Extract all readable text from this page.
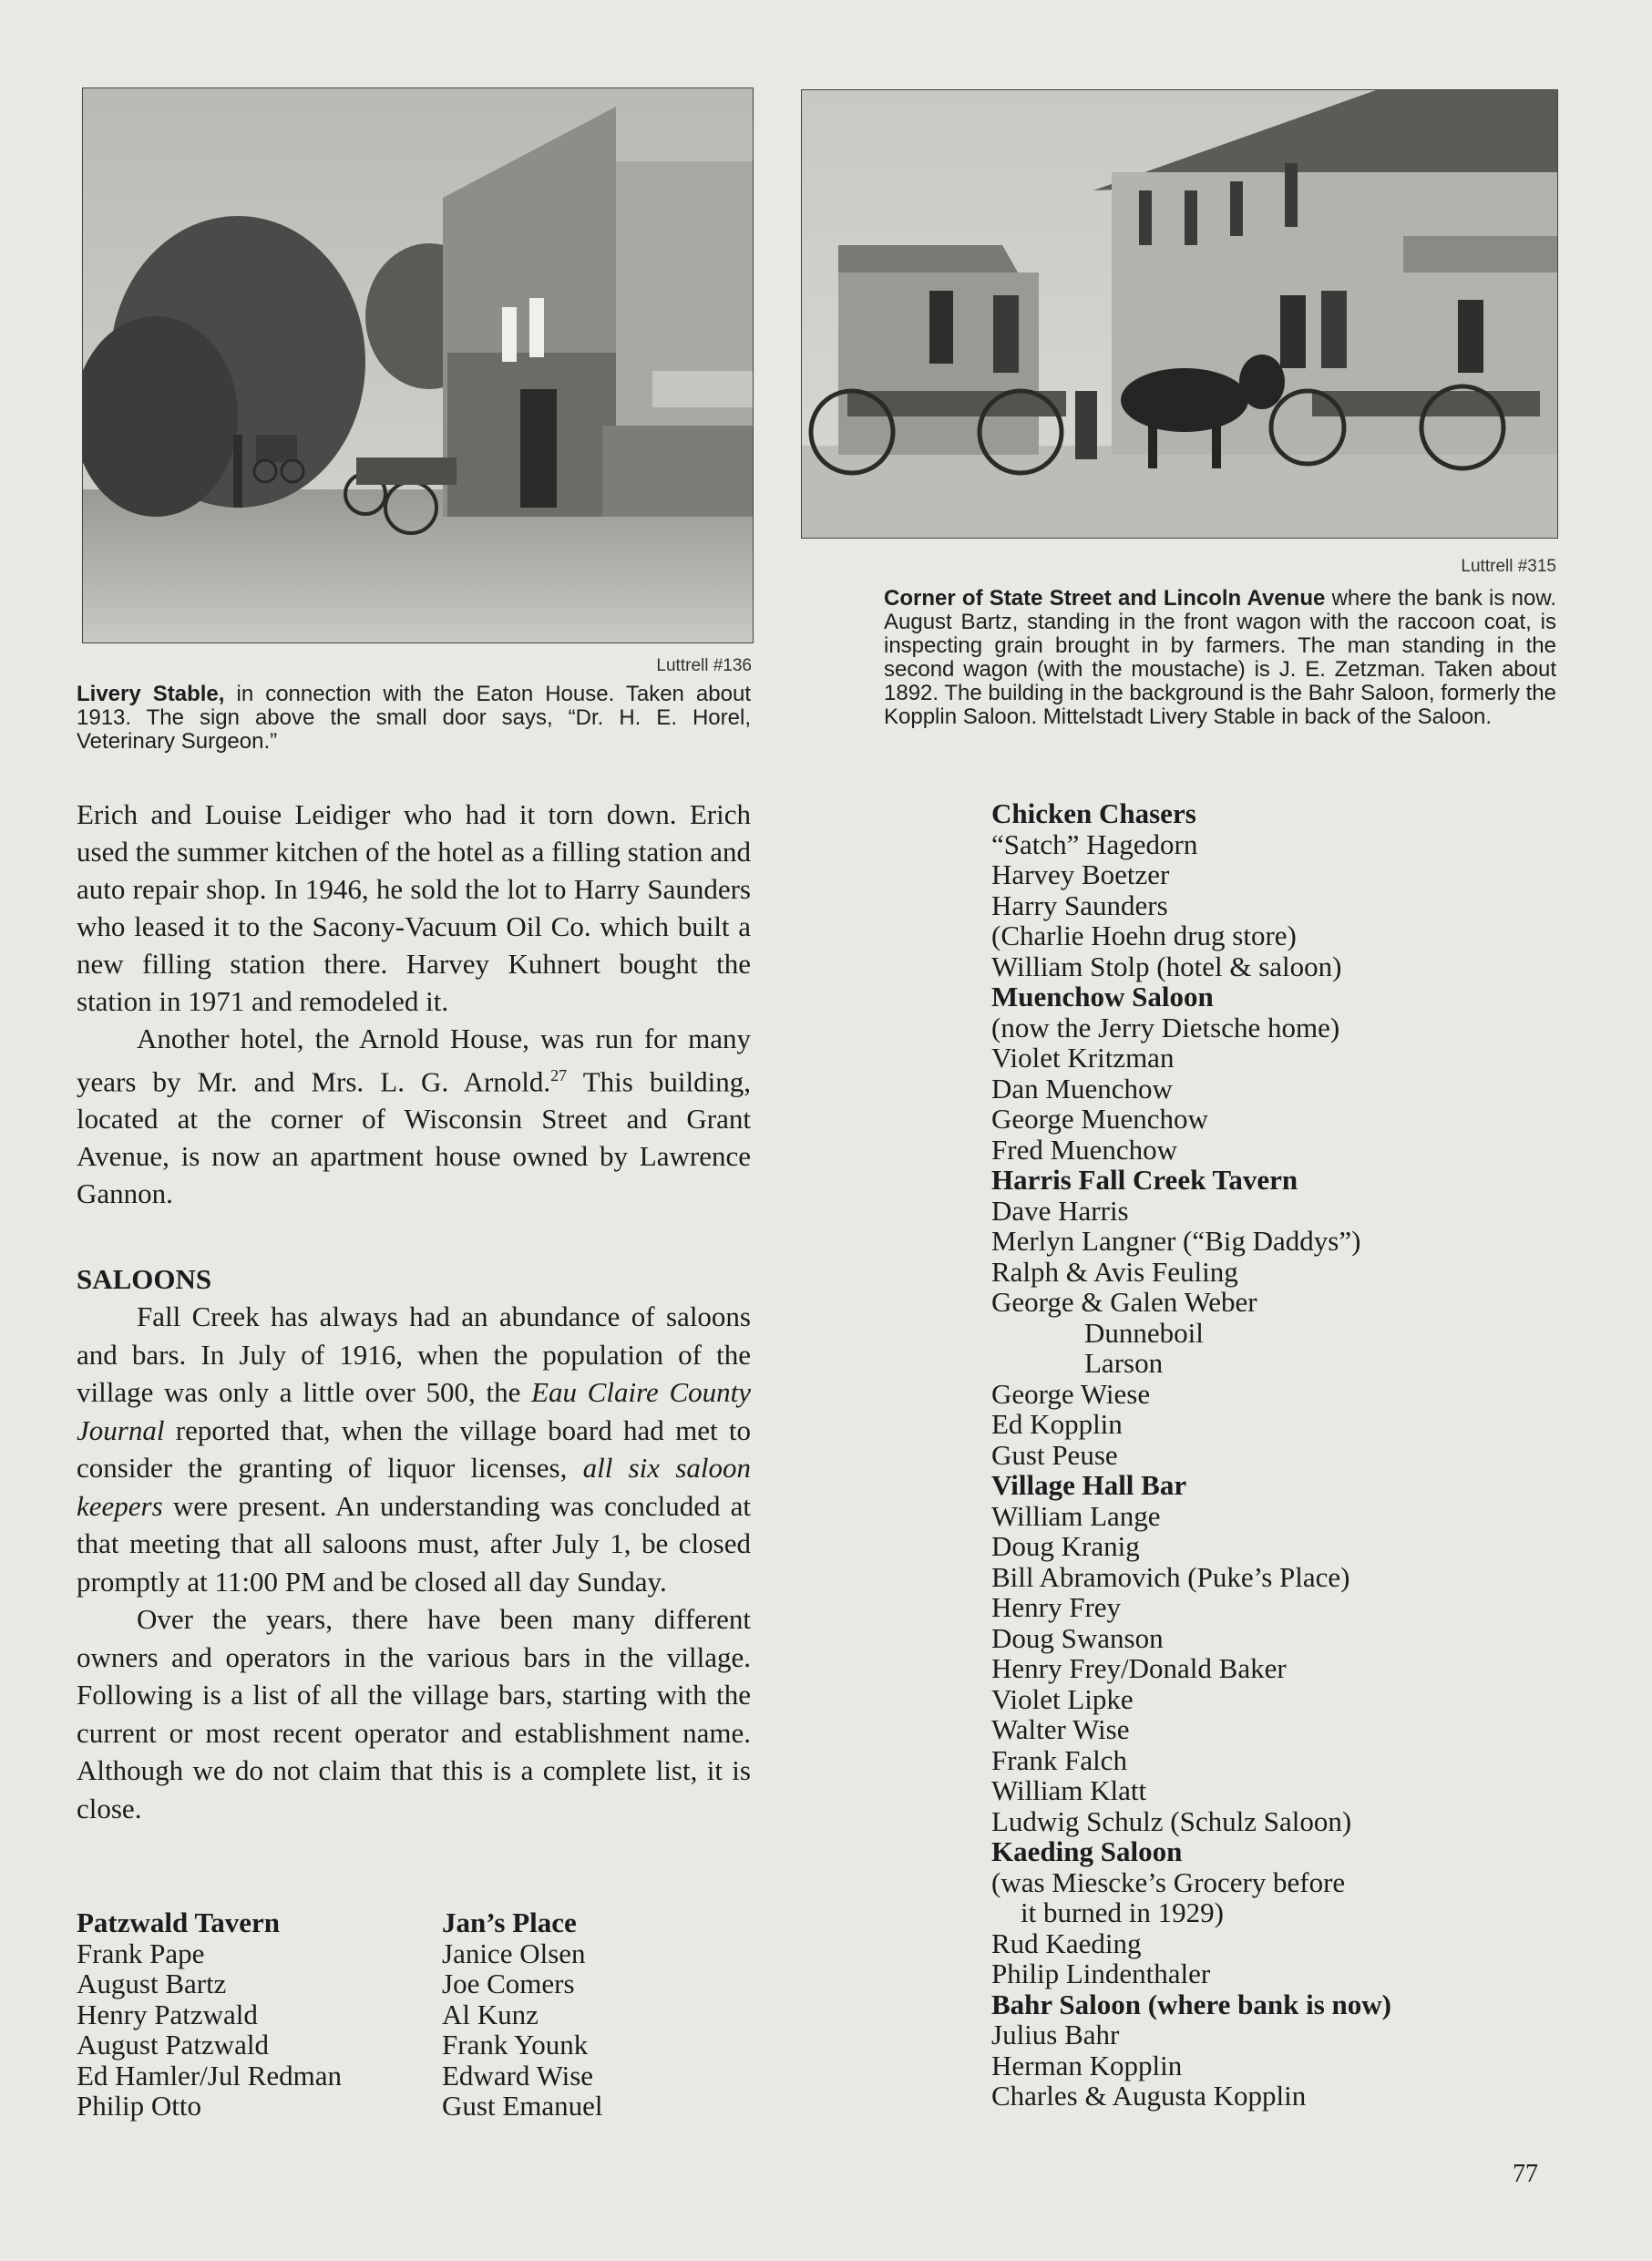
Luttrell #136
Livery Stable, in connection with the Eaton House. Taken about 1913. The sign above the small door says, “Dr. H. E. Horel, Veterinary Surgeon.”
Luttrell #315
Corner of State Street and Lincoln Avenue where the bank is now. August Bartz, standing in the front wagon with the raccoon coat, is inspecting grain brought in by farmers. The man standing in the second wagon (with the moustache) is J. E. Zetzman. Taken about 1892. The building in the background is the Bahr Saloon, formerly the Kopplin Saloon. Mittelstadt Livery Stable in back of the Saloon.

Erich and Louise Leidiger who had it torn down. Erich used the summer kitchen of the hotel as a filling station and auto repair shop. In 1946, he sold the lot to Harry Saunders who leased it to the Sacony-Vacuum Oil Co. which built a new filling station there. Harvey Kuhnert bought the station in 1971 and remodeled it.

Another hotel, the Arnold House, was run for many years by Mr. and Mrs. L. G. Arnold.$^{27}$ This building, located at the corner of Wisconsin Street and Grant Avenue, is now an apartment house owned by Lawrence Gannon.

SALOONS

Fall Creek has always had an abundance of saloons and bars. In July of 1916, when the population of the village was only a little over 500, the Eau Claire County Journal reported that, when the village board had met to consider the granting of liquor licenses, all six saloon keepers were present. An understanding was concluded at that meeting that all saloons must, after July 1, be closed promptly at 11:00 PM and be closed all day Sunday.

Over the years, there have been many different owners and operators in the various bars in the village. Following is a list of all the village bars, starting with the current or most recent operator and establishment name. Although we do not claim that this is a complete list, it is close.

Patzwald Tavern
Frank Pape
August Bartz
Henry Patzwald
August Patzwald
Ed Hamler/Jul Redman
Philip Otto
Jan’s Place
Janice Olsen
Joe Comers
Al Kunz
Frank Younk
Edward Wise
Gust Emanuel
Chicken Chasers
“Satch” Hagedorn
Harvey Boetzer
Harry Saunders
(Charlie Hoehn drug store)
William Stolp (hotel & saloon)
Muenchow Saloon
(now the Jerry Dietsche home)
Violet Kritzman
Dan Muenchow
George Muenchow
Fred Muenchow
Harris Fall Creek Tavern
Dave Harris
Merlyn Langner (“Big Daddys”)
Ralph & Avis Feuling
George & Galen Weber
Dunneboil
Larson
George Wiese
Ed Kopplin
Gust Peuse
Village Hall Bar
William Lange
Doug Kranig
Bill Abramovich (Puke’s Place)
Henry Frey
Doug Swanson
Henry Frey/Donald Baker
Violet Lipke
Walter Wise
Frank Falch
William Klatt
Ludwig Schulz (Schulz Saloon)
Kaeding Saloon
(was Miescke’s Grocery before
it burned in 1929)
Rud Kaeding
Philip Lindenthaler
Bahr Saloon (where bank is now)
Julius Bahr
Herman Kopplin
Charles & Augusta Kopplin
77
